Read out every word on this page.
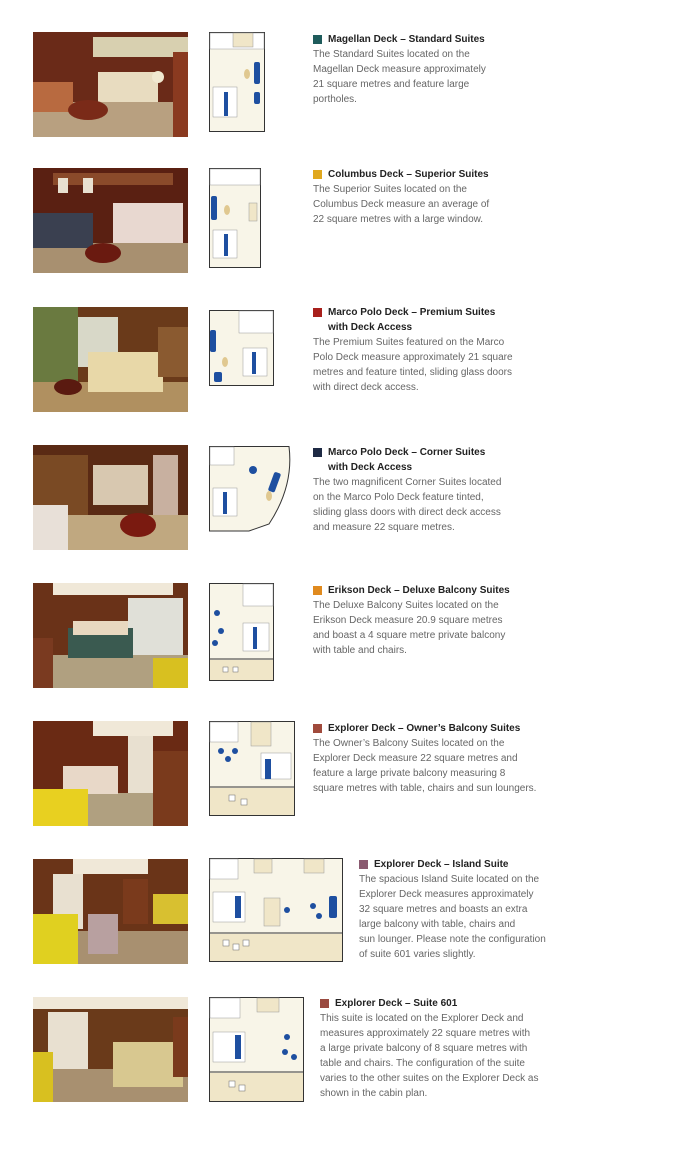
Magellan Deck – Standard Suites
The Standard Suites located on the
Magellan Deck measure approximately
21 square metres and feature large
portholes.
Columbus Deck – Superior Suites
The Superior Suites located on the
Columbus Deck measure an average of
22 square metres with a large window.
Marco Polo Deck – Premium Suites
with Deck Access
The Premium Suites featured on the Marco
Polo Deck measure approximately 21 square
metres and feature tinted, sliding glass doors
with direct deck access.
Marco Polo Deck – Corner Suites
with Deck Access
The two magnificent Corner Suites located
on the Marco Polo Deck feature tinted,
sliding glass doors with direct deck access
and measure 22 square metres.
Erikson Deck – Deluxe Balcony Suites
The Deluxe Balcony Suites located on the
Erikson Deck measure 20.9 square metres
and boast a 4 square metre private balcony
with table and chairs.
Explorer Deck – Owner’s Balcony Suites
The Owner’s Balcony Suites located on the
Explorer Deck measure 22 square metres and
feature a large private balcony measuring 8
square metres with table, chairs and sun loungers.
Explorer Deck – Island Suite
The spacious Island Suite located on the
Explorer Deck measures approximately
32 square metres and boasts an extra
large balcony with table, chairs and
sun lounger. Please note the configuration
of suite 601 varies slightly.
Explorer Deck – Suite 601
This suite is located on the Explorer Deck and
measures approximately 22 square metres with
a large private balcony of 8 square metres with
table and chairs. The configuration of the suite
varies to the other suites on the Explorer Deck as
shown in the cabin plan.
